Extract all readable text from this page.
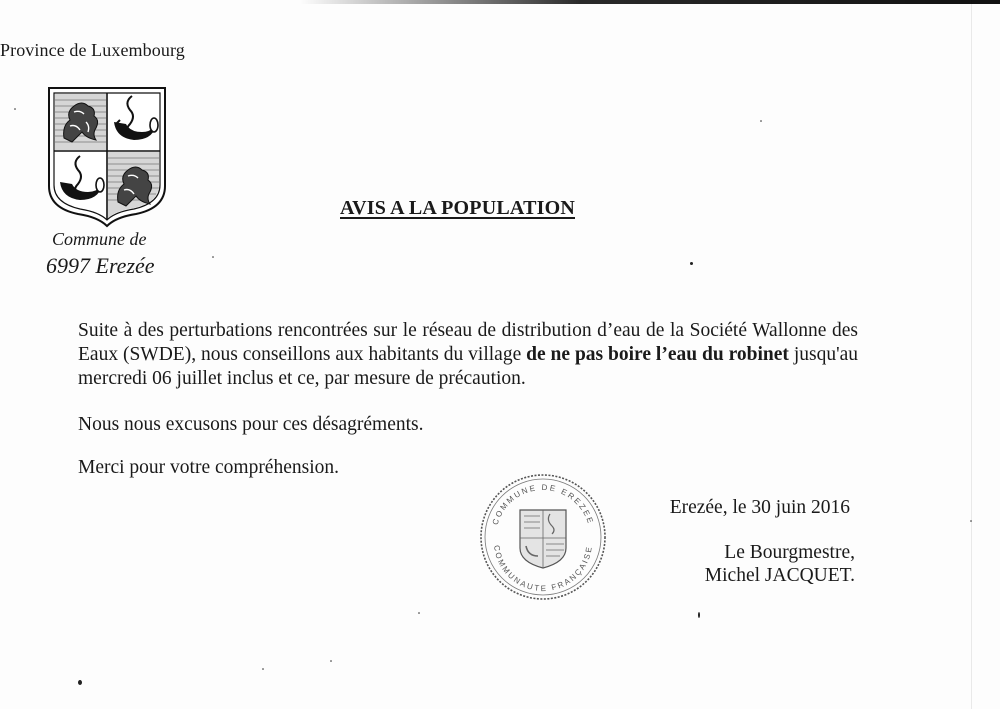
Province de Luxembourg
Commune de
6997 Erezée
AVIS A LA POPULATION
Suite à des perturbations rencontrées sur le réseau de distribution d’eau de la Société Wallonne des Eaux (SWDE), nous conseillons aux habitants du village de ne pas boire l’eau du robinet jusqu'au mercredi 06 juillet inclus et ce, par mesure de précaution.
Nous nous excusons pour ces désagréments.
Merci pour votre compréhension.
COMMUNE DE EREZEE
COMMUNAUTE FRANÇAISE
Erezée, le 30 juin 2016
Le Bourgmestre,
Michel JACQUET.
